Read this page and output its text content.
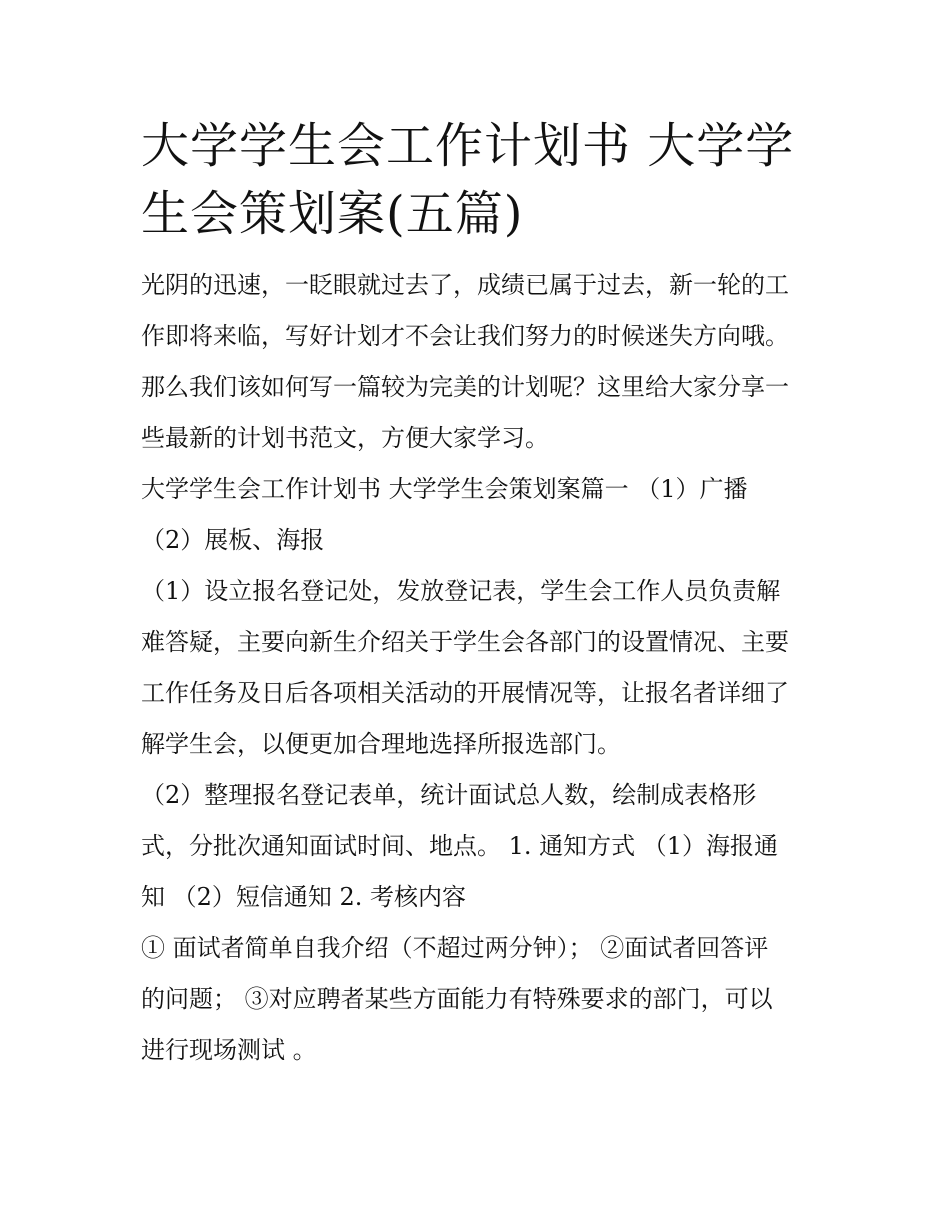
大学学生会工作计划书 大学学
生会策划案(五篇)
光阴的迅速，一眨眼就过去了，成绩已属于过去，新一轮的工
作即将来临，写好计划才不会让我们努力的时候迷失方向哦。
那么我们该如何写一篇较为完美的计划呢？这里给大家分享一
些最新的计划书范文，方便大家学习。
大学学生会工作计划书 大学学生会策划案篇一 （1）广播
（2）展板、海报
（1）设立报名登记处，发放登记表，学生会工作人员负责解
难答疑，主要向新生介绍关于学生会各部门的设置情况、主要
工作任务及日后各项相关活动的开展情况等，让报名者详细了
解学生会，以便更加合理地选择所报选部门。
（2）整理报名登记表单，统计面试总人数，绘制成表格形
式，分批次通知面试时间、地点。 1. 通知方式 （1）海报通
知 （2）短信通知 2. 考核内容
① 面试者简单自我介绍（不超过两分钟）； ②面试者回答评
的问题； ③对应聘者某些方面能力有特殊要求的部门，可以
进行现场测试 。
